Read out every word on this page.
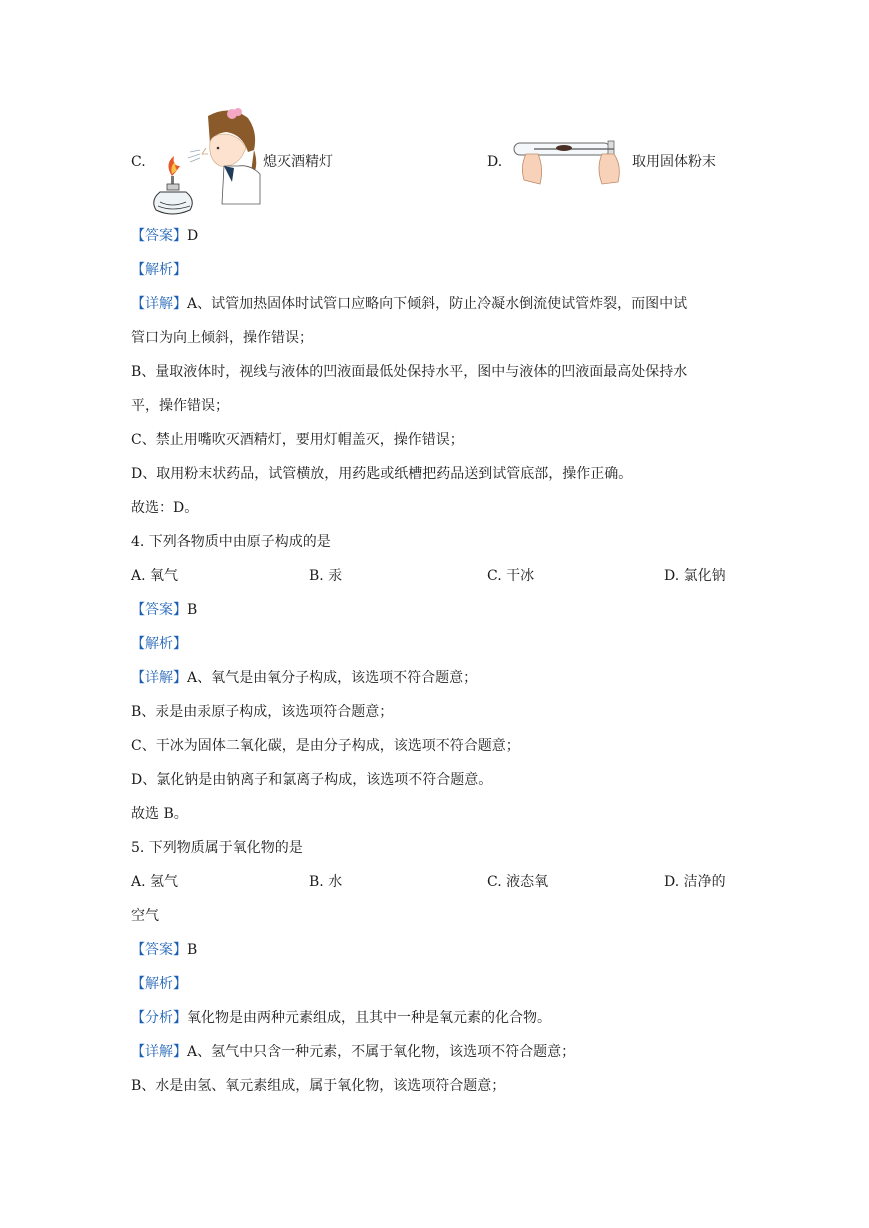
C.	熄灭酒精灯	D.	取用固体粉末
【答案】D
【解析】
【详解】A、试管加热固体时试管口应略向下倾斜，防止冷凝水倒流使试管炸裂，而图中试
管口为向上倾斜，操作错误；
B、量取液体时，视线与液体的凹液面最低处保持水平，图中与液体的凹液面最高处保持水
平，操作错误；
C、禁止用嘴吹灭酒精灯，要用灯帽盖灭，操作错误；
D、取用粉末状药品，试管横放，用药匙或纸槽把药品送到试管底部，操作正确。
故选：D。
4. 下列各物质中由原子构成的是
A. 氧气	B. 汞	C. 干冰	D. 氯化钠
【答案】B
【解析】
【详解】A、氧气是由氧分子构成，该选项不符合题意；
B、汞是由汞原子构成，该选项符合题意；
C、干冰为固体二氧化碳，是由分子构成，该选项不符合题意；
D、氯化钠是由钠离子和氯离子构成，该选项不符合题意。
故选 B。
5. 下列物质属于氧化物的是
A. 氢气	B. 水	C. 液态氧	D. 洁净的
空气
【答案】B
【解析】
【分析】氧化物是由两种元素组成，且其中一种是氧元素的化合物。
【详解】A、氢气中只含一种元素，不属于氧化物，该选项不符合题意；
B、水是由氢、氧元素组成，属于氧化物，该选项符合题意；
